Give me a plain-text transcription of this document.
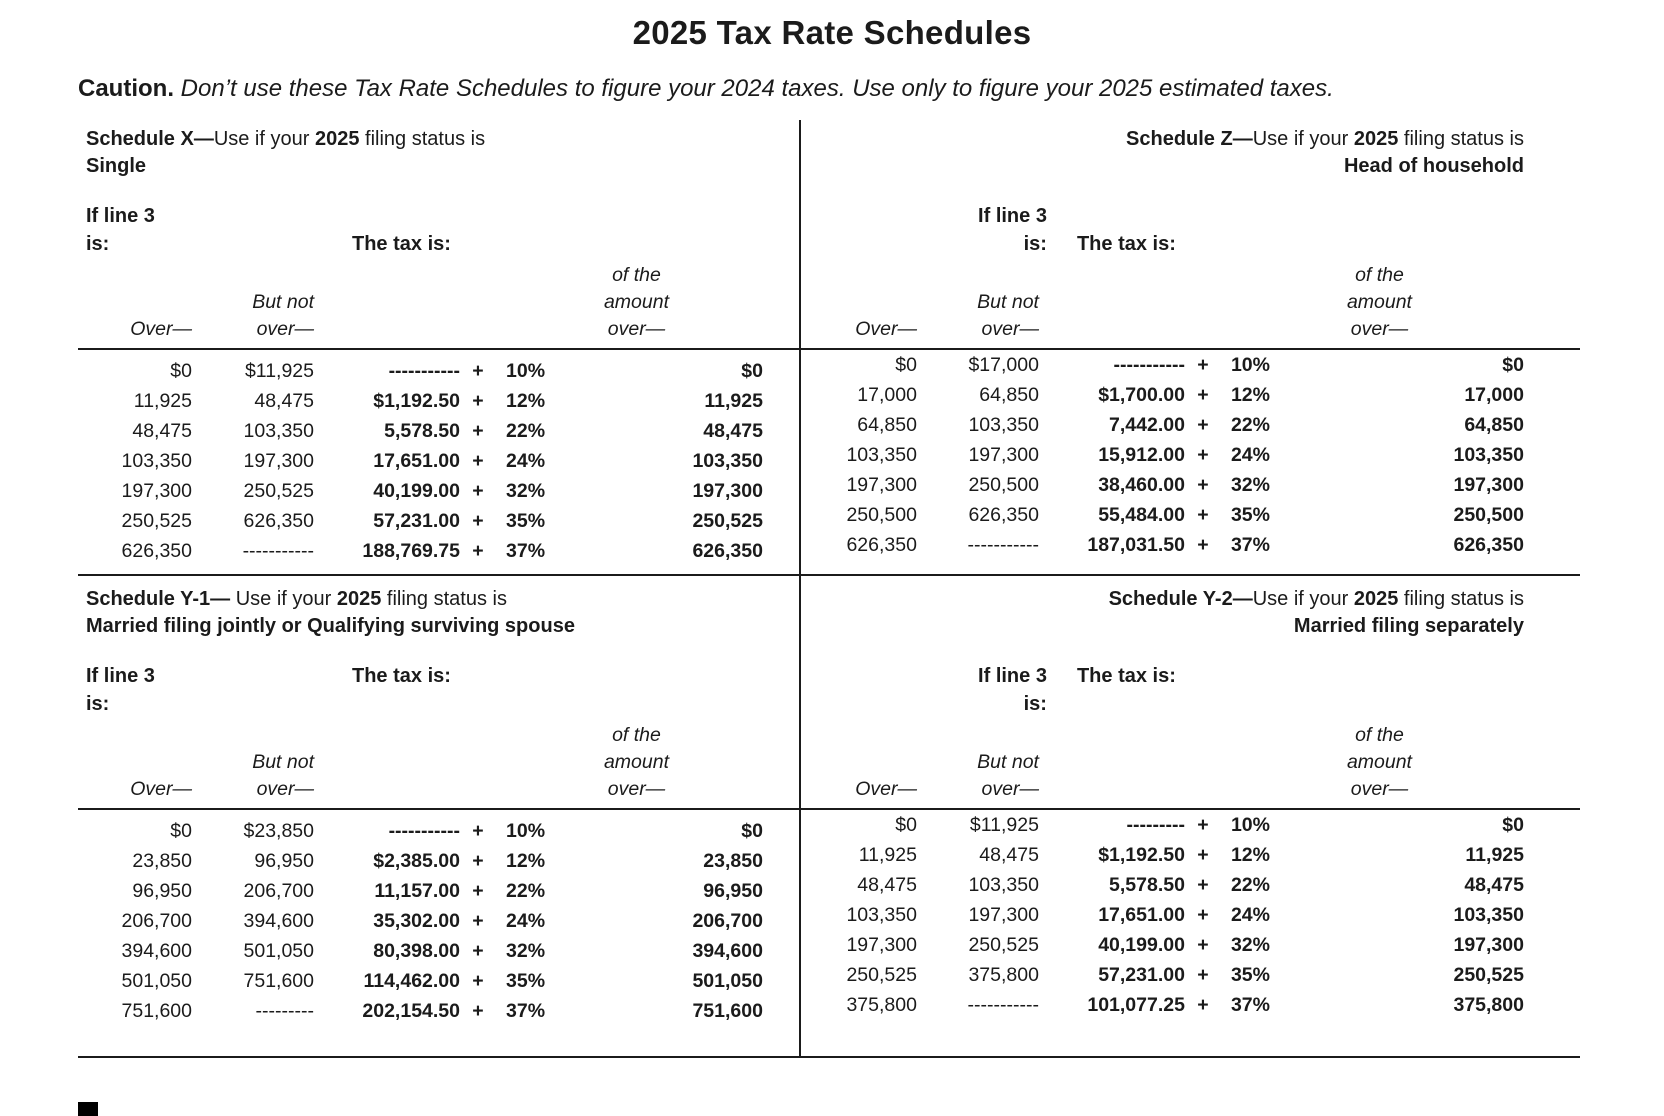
2025 Tax Rate Schedules

Caution. Don’t use these Tax Rate Schedules to figure your 2024 taxes. Use only to figure your 2025 estimated taxes.

Schedule X—Use if your 2025 filing status is
Single
If line 3
is:	The tax is:
			of the
	But not		amount
Over—	over—		over—
Schedule Z—Use if your 2025 filing status is
Head of household
If line 3
is:	The tax is:
			of the
	But not		amount
Over—	over—		over—
$0	$11,925	-----------	+	10%	$0
11,925	48,475	$1,192.50	+	12%	11,925
48,475	103,350	5,578.50	+	22%	48,475
103,350	197,300	17,651.00	+	24%	103,350
197,300	250,525	40,199.00	+	32%	197,300
250,525	626,350	57,231.00	+	35%	250,525
626,350	-----------	188,769.75	+	37%	626,350
$0	$17,000	-----------	+	10%	$0
17,000	64,850	$1,700.00	+	12%	17,000
64,850	103,350	7,442.00	+	22%	64,850
103,350	197,300	15,912.00	+	24%	103,350
197,300	250,500	38,460.00	+	32%	197,300
250,500	626,350	55,484.00	+	35%	250,500
626,350	-----------	187,031.50	+	37%	626,350
Schedule Y-1— Use if your 2025 filing status is
Married filing jointly or Qualifying surviving spouse
If line 3
is:
The tax is:
			of the
	But not		amount
Over—	over—		over—
Schedule Y-2—Use if your 2025 filing status is
Married filing separately
If line 3
is:
The tax is:
			of the
	But not		amount
Over—	over—		over—
$0	$23,850	-----------	+	10%	$0
23,850	96,950	$2,385.00	+	12%	23,850
96,950	206,700	11,157.00	+	22%	96,950
206,700	394,600	35,302.00	+	24%	206,700
394,600	501,050	80,398.00	+	32%	394,600
501,050	751,600	114,462.00	+	35%	501,050
751,600	---------	202,154.50	+	37%	751,600
$0	$11,925	---------	+	10%	$0
11,925	48,475	$1,192.50	+	12%	11,925
48,475	103,350	5,578.50	+	22%	48,475
103,350	197,300	17,651.00	+	24%	103,350
197,300	250,525	40,199.00	+	32%	197,300
250,525	375,800	57,231.00	+	35%	250,525
375,800	-----------	101,077.25	+	37%	375,800
